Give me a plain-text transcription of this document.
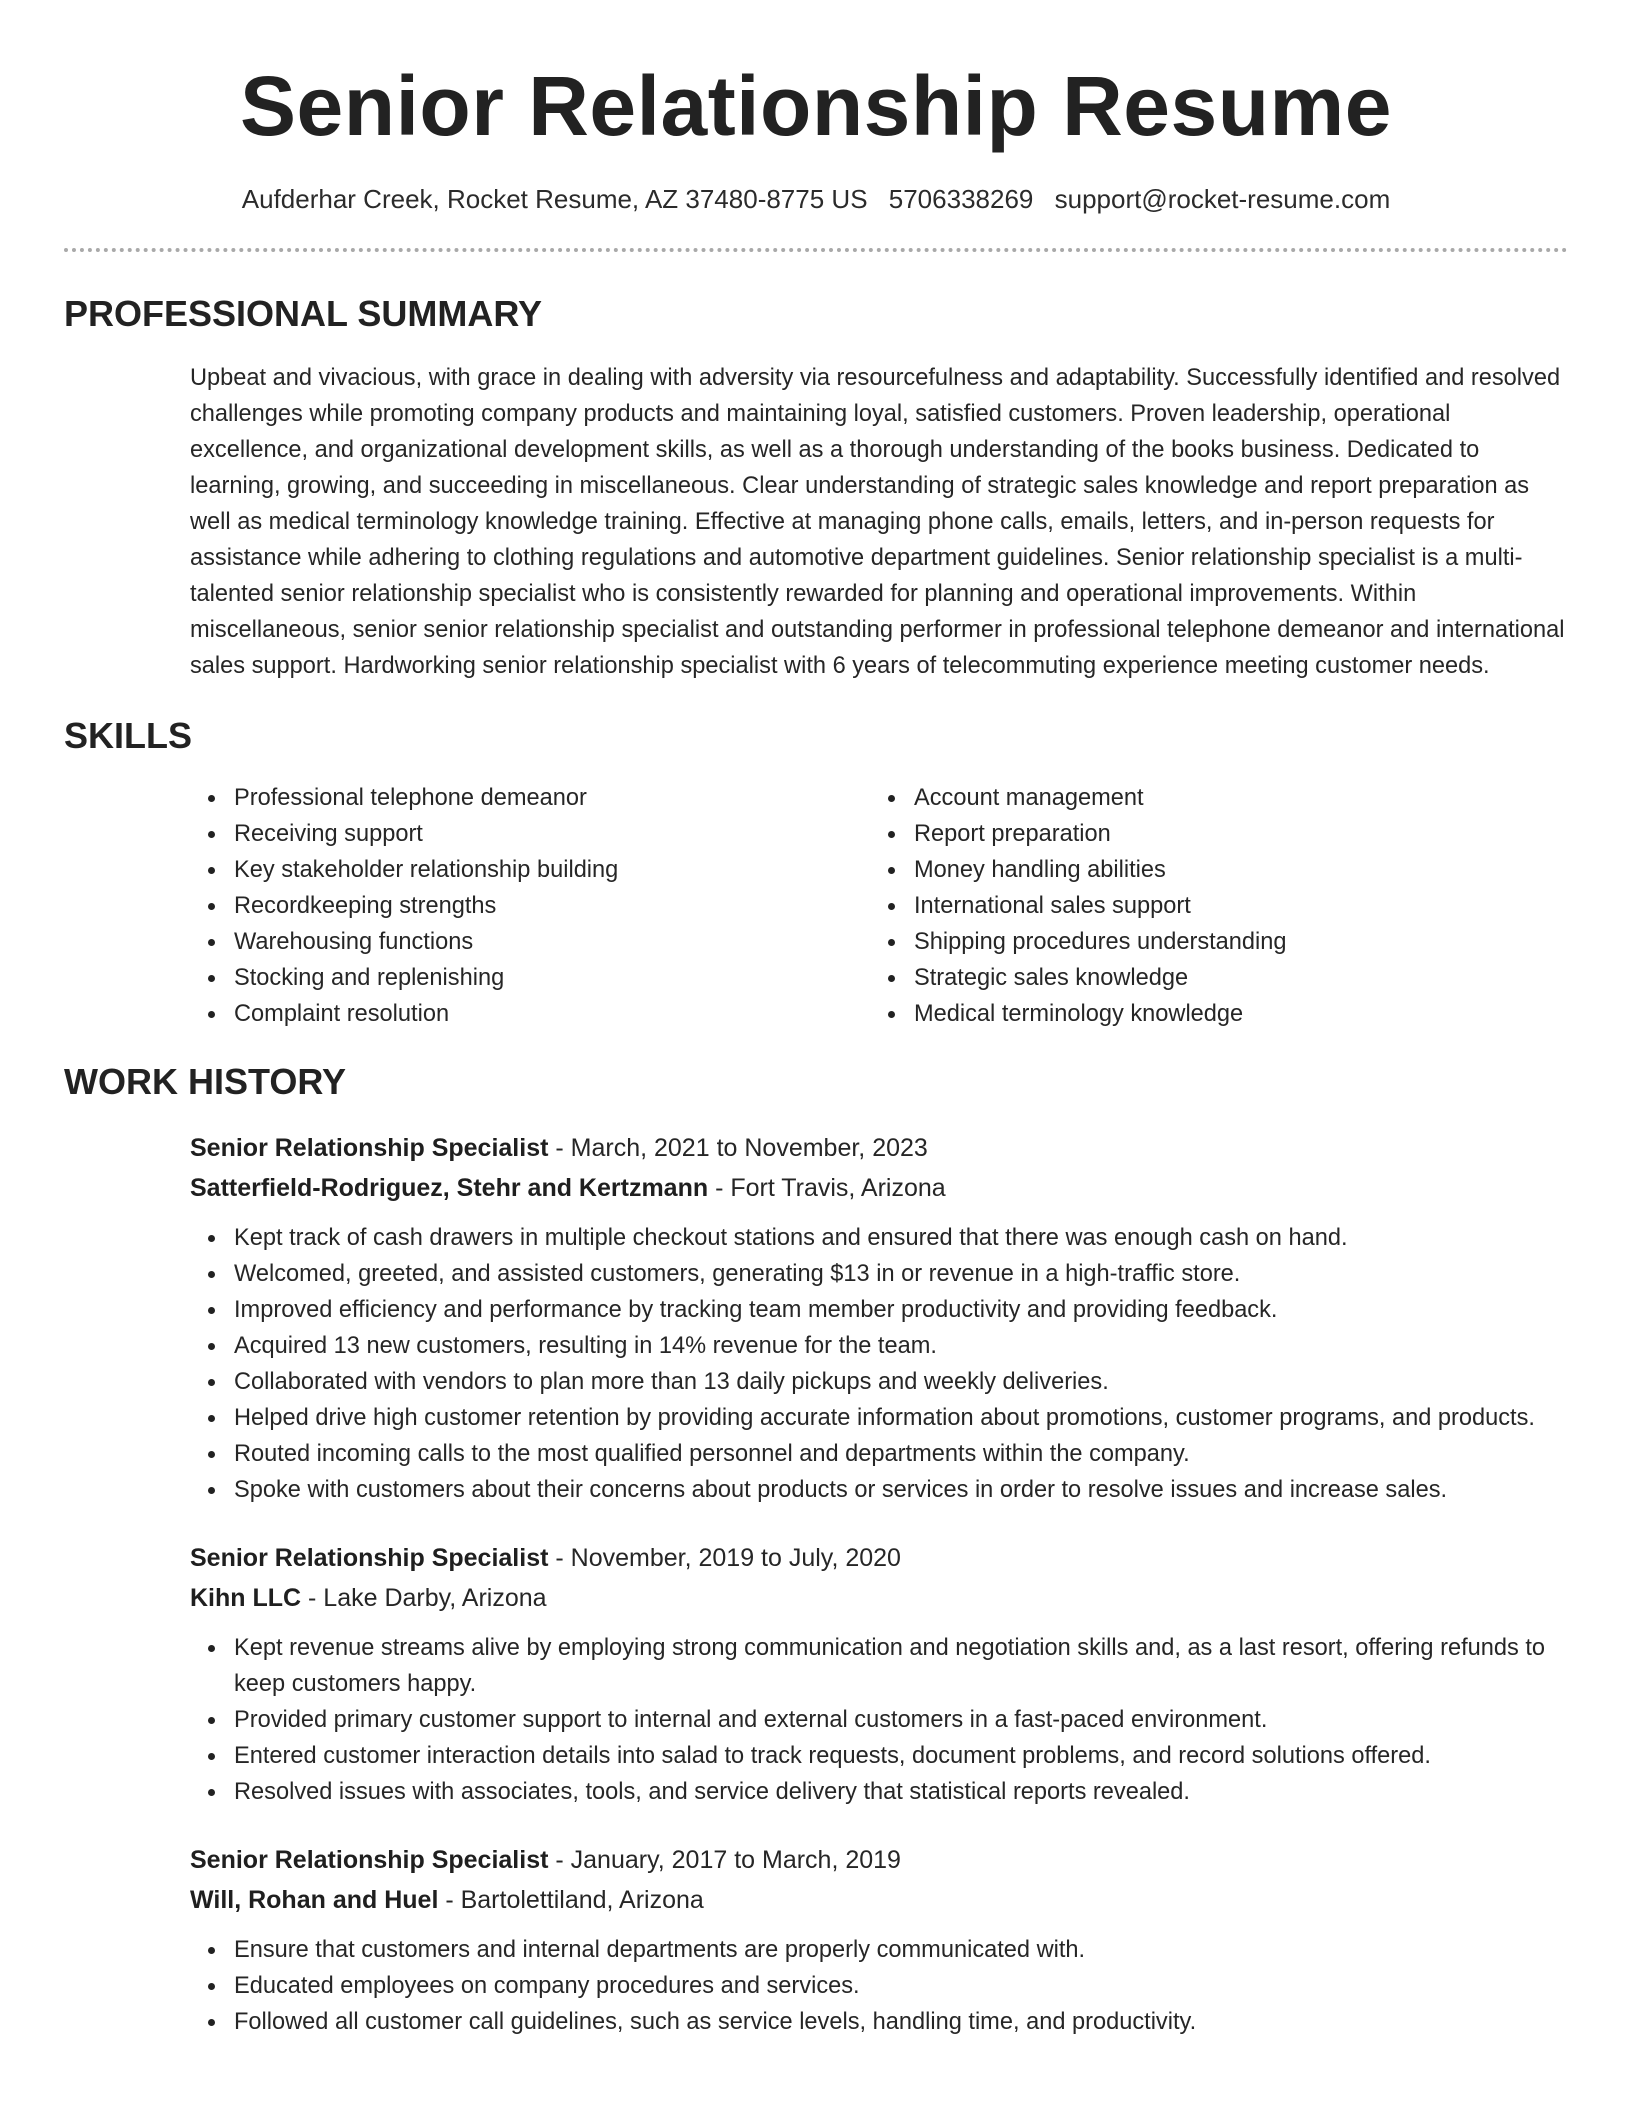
Senior Relationship Resume
Aufderhar Creek, Rocket Resume, AZ 37480-8775 US 5706338269 support@rocket-resume.com
PROFESSIONAL SUMMARY

Upbeat and vivacious, with grace in dealing with adversity via resourcefulness and adaptability. Successfully identified and resolved challenges while promoting company products and maintaining loyal, satisfied customers. Proven leadership, operational excellence, and organizational development skills, as well as a thorough understanding of the books business. Dedicated to learning, growing, and succeeding in miscellaneous. Clear understanding of strategic sales knowledge and report preparation as well as medical terminology knowledge training. Effective at managing phone calls, emails, letters, and in-person requests for assistance while adhering to clothing regulations and automotive department guidelines. Senior relationship specialist is a multi-talented senior relationship specialist who is consistently rewarded for planning and operational improvements. Within miscellaneous, senior senior relationship specialist and outstanding performer in professional telephone demeanor and international sales support. Hardworking senior relationship specialist with 6 years of telecommuting experience meeting customer needs.

SKILLS
Professional telephone demeanor
Receiving support
Key stakeholder relationship building
Recordkeeping strengths
Warehousing functions
Stocking and replenishing
Complaint resolution
Account management
Report preparation
Money handling abilities
International sales support
Shipping procedures understanding
Strategic sales knowledge
Medical terminology knowledge
WORK HISTORY
Senior Relationship Specialist - March, 2021 to November, 2023
Satterfield-Rodriguez, Stehr and Kertzmann - Fort Travis, Arizona
Kept track of cash drawers in multiple checkout stations and ensured that there was enough cash on hand.
Welcomed, greeted, and assisted customers, generating $13 in or revenue in a high-traffic store.
Improved efficiency and performance by tracking team member productivity and providing feedback.
Acquired 13 new customers, resulting in 14% revenue for the team.
Collaborated with vendors to plan more than 13 daily pickups and weekly deliveries.
Helped drive high customer retention by providing accurate information about promotions, customer programs, and products.
Routed incoming calls to the most qualified personnel and departments within the company.
Spoke with customers about their concerns about products or services in order to resolve issues and increase sales.
Senior Relationship Specialist - November, 2019 to July, 2020
Kihn LLC - Lake Darby, Arizona
Kept revenue streams alive by employing strong communication and negotiation skills and, as a last resort, offering refunds to keep customers happy.
Provided primary customer support to internal and external customers in a fast-paced environment.
Entered customer interaction details into salad to track requests, document problems, and record solutions offered.
Resolved issues with associates, tools, and service delivery that statistical reports revealed.
Senior Relationship Specialist - January, 2017 to March, 2019
Will, Rohan and Huel - Bartolettiland, Arizona
Ensure that customers and internal departments are properly communicated with.
Educated employees on company procedures and services.
Followed all customer call guidelines, such as service levels, handling time, and productivity.
